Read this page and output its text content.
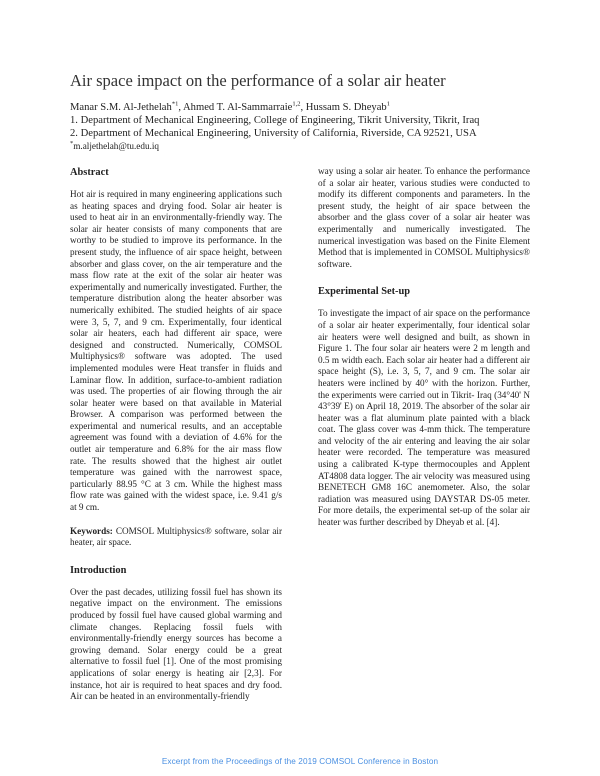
Air space impact on the performance of a solar air heater
Manar S.M. Al-Jethelah$^{*1}$, Ahmed T. Al-Sammarraie$^{1,2}$, Hussam S. Dheyab$^1$
1. Department of Mechanical Engineering, College of Engineering, Tikrit University, Tikrit, Iraq
2. Department of Mechanical Engineering, University of California, Riverside, CA 92521, USA
*m.aljethelah@tu.edu.iq
Abstract

Hot air is required in many engineering applications such as heating spaces and drying food. Solar air heater is used to heat air in an environmentally-friendly way. The solar air heater consists of many components that are worthy to be studied to improve its performance. In the present study, the influence of air space height, between absorber and glass cover, on the air temperature and the mass flow rate at the exit of the solar air heater was experimentally and numerically investigated. Further, the temperature distribution along the heater absorber was numerically exhibited. The studied heights of air space were 3, 5, 7, and 9 cm. Experimentally, four identical solar air heaters, each had different air space, were designed and constructed. Numerically, COMSOL Multiphysics® software was adopted. The used implemented modules were Heat transfer in fluids and Laminar flow. In addition, surface-to-ambient radiation was used. The properties of air flowing through the air solar heater were based on that available in Material Browser. A comparison was performed between the experimental and numerical results, and an acceptable agreement was found with a deviation of 4.6% for the outlet air temperature and 6.8% for the air mass flow rate. The results showed that the highest air outlet temperature was gained with the narrowest space, particularly 88.95 °C at 3 cm. While the highest mass flow rate was gained with the widest space, i.e. 9.41 g/s at 9 cm.

Keywords: COMSOL Multiphysics® software, solar air heater, air space.

Introduction

Over the past decades, utilizing fossil fuel has shown its negative impact on the environment. The emissions produced by fossil fuel have caused global warming and climate changes. Replacing fossil fuels with environmentally-friendly energy sources has become a growing demand. Solar energy could be a great alternative to fossil fuel [1]. One of the most promising applications of solar energy is heating air [2,3]. For instance, hot air is required to heat spaces and dry food. Air can be heated in an environmentally-friendly

way using a solar air heater. To enhance the performance of a solar air heater, various studies were conducted to modify its different components and parameters. In the present study, the height of air space between the absorber and the glass cover of a solar air heater was experimentally and numerically investigated. The numerical investigation was based on the Finite Element Method that is implemented in COMSOL Multiphysics® software.

Experimental Set-up

To investigate the impact of air space on the performance of a solar air heater experimentally, four identical solar air heaters were well designed and built, as shown in Figure 1. The four solar air heaters were 2 m length and 0.5 m width each. Each solar air heater had a different air space height (S), i.e. 3, 5, 7, and 9 cm. The solar air heaters were inclined by 40° with the horizon. Further, the experiments were carried out in Tikrit- Iraq (34°40' N 43°39' E) on April 18, 2019. The absorber of the solar air heater was a flat aluminum plate painted with a black coat. The glass cover was 4-mm thick. The temperature and velocity of the air entering and leaving the air solar heater were recorded. The temperature was measured using a calibrated K-type thermocouples and Applent AT4808 data logger. The air velocity was measured using BENETECH GM8 16C anemometer. Also, the solar radiation was measured using DAYSTAR DS-05 meter. For more details, the experimental set-up of the solar air heater was further described by Dheyab et al. [4].

Excerpt from the Proceedings of the 2019 COMSOL Conference in Boston
